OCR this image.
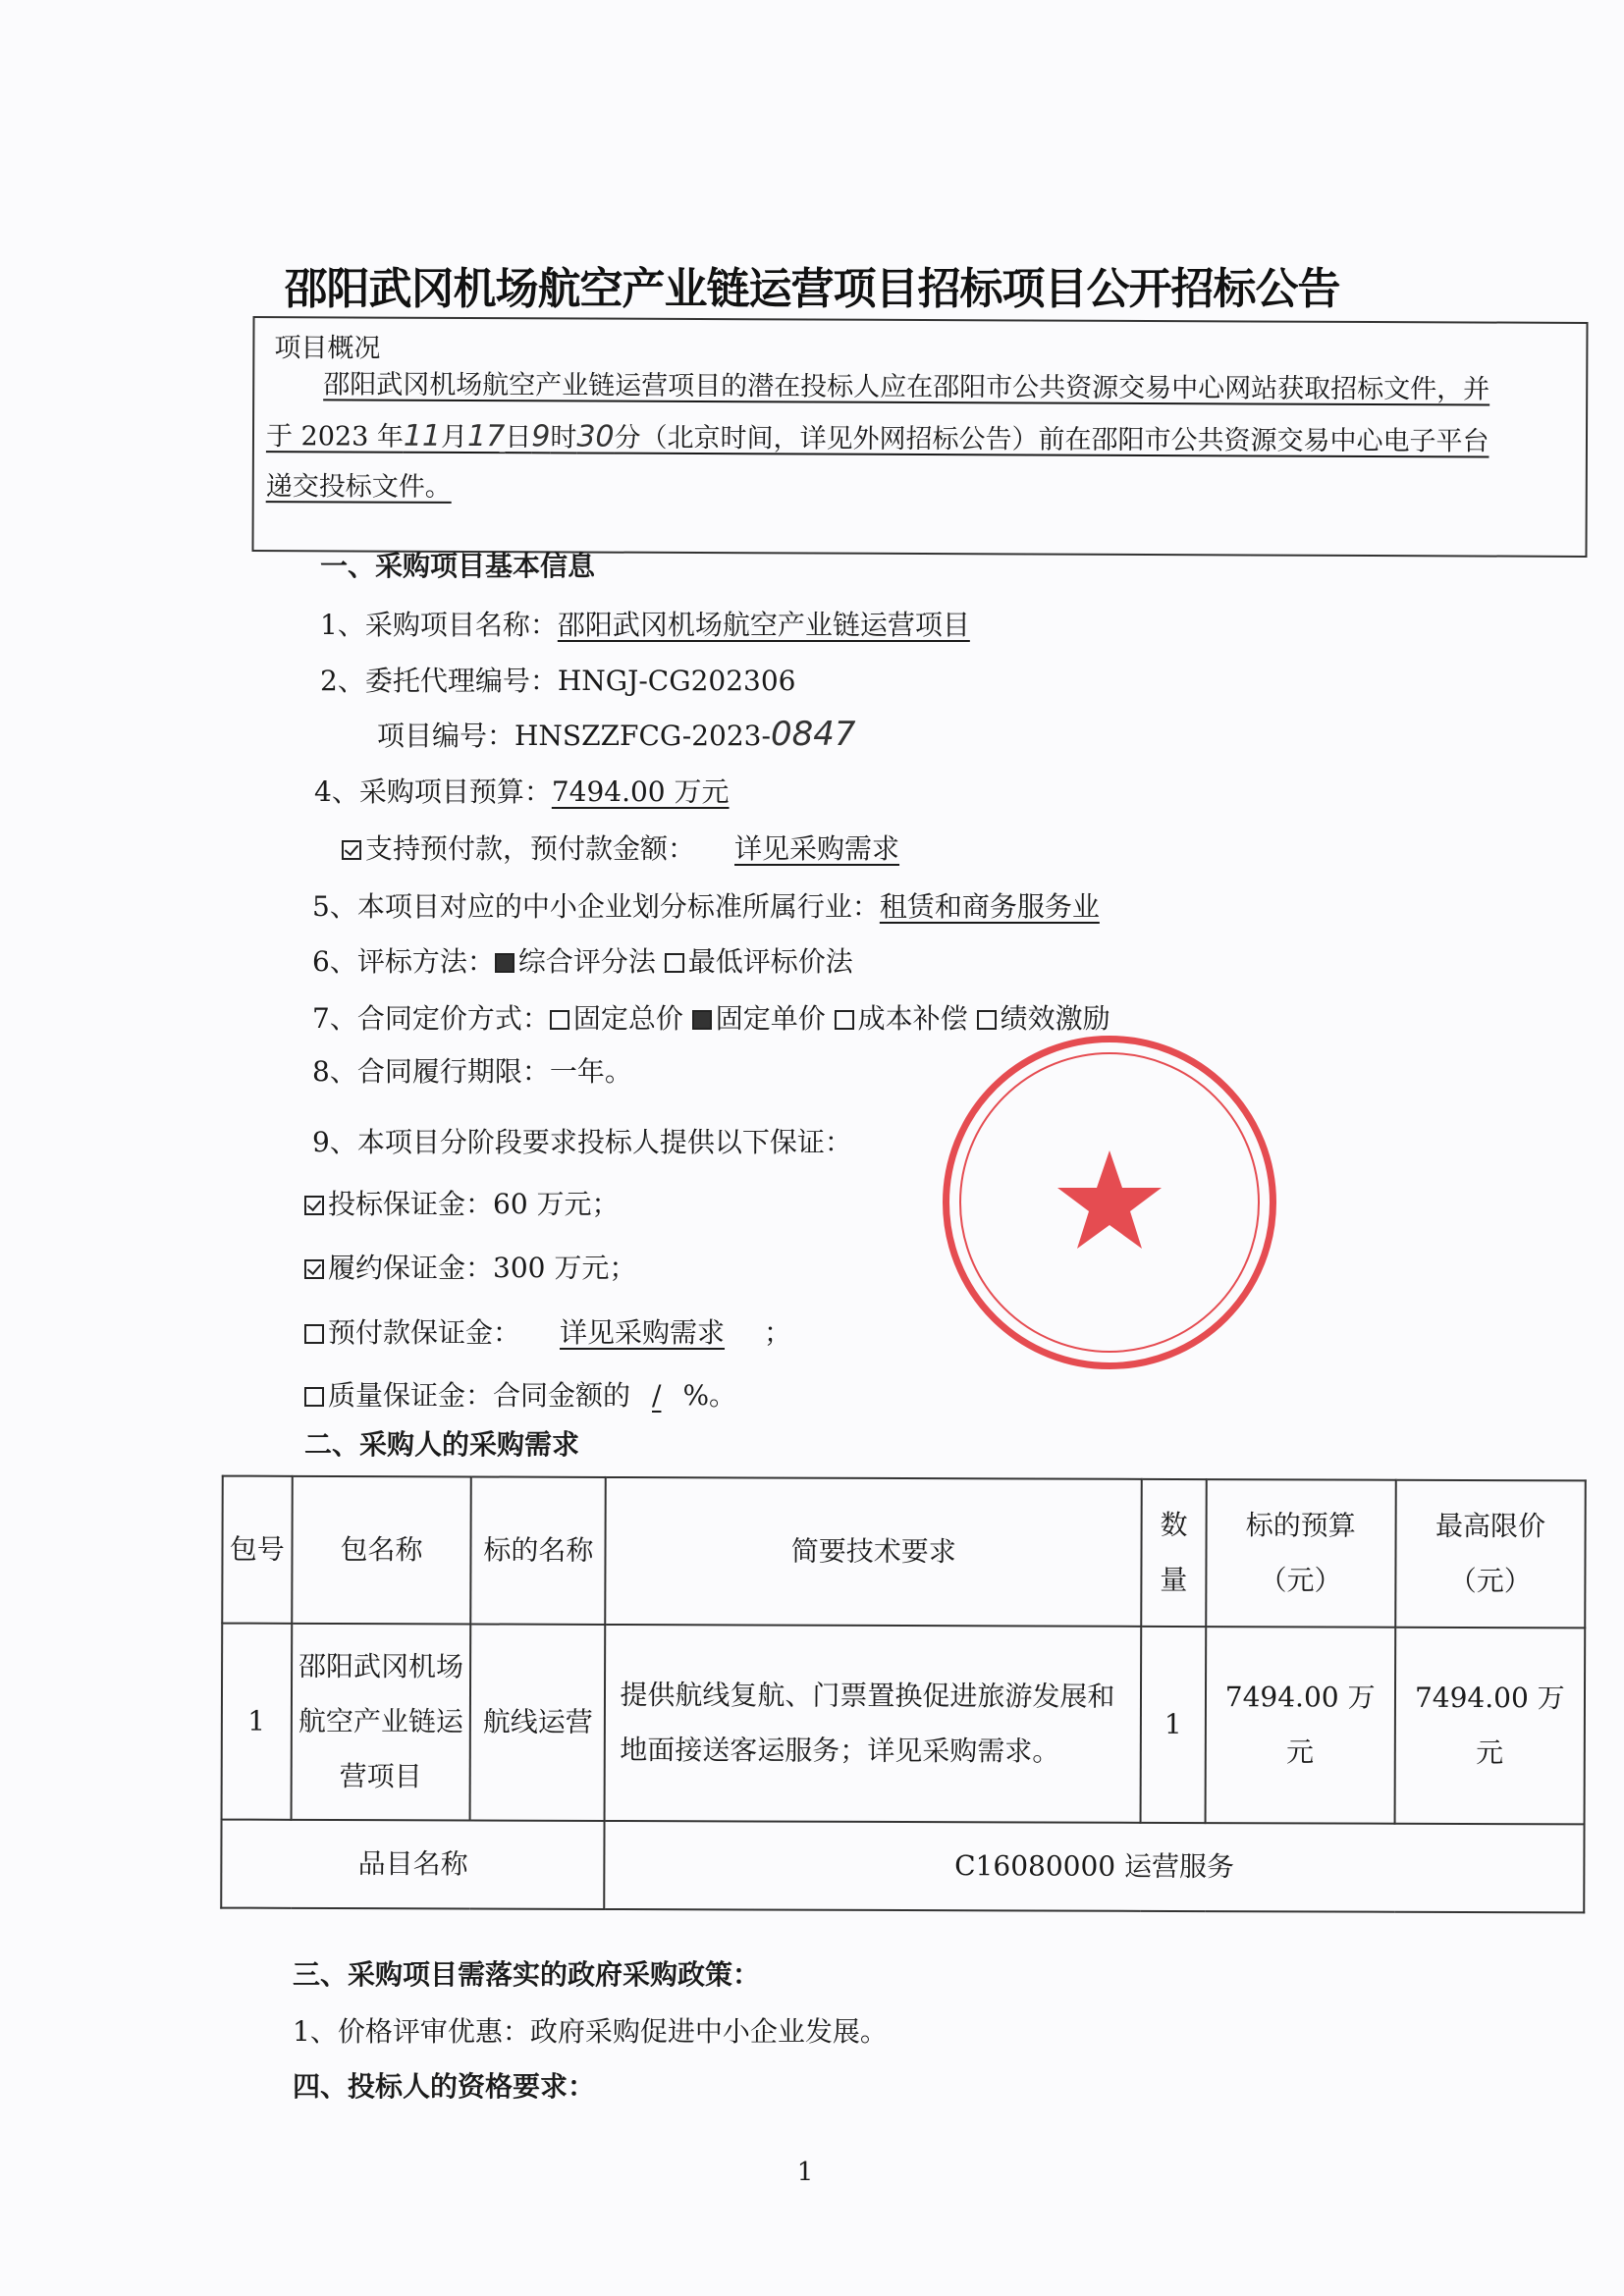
邵阳武冈机场航空产业链运营项目招标项目公开招标公告
项目概况
邵阳武冈机场航空产业链运营项目的潜在投标人应在邵阳市公共资源交易中心网站获取招标文件，并
于 2023 年11月17日9时30分（北京时间，详见外网招标公告）前在邵阳市公共资源交易中心电子平台
递交投标文件。
一、采购项目基本信息
1、采购项目名称：邵阳武冈机场航空产业链运营项目
2、委托代理编号：HNGJ-CG202306
项目编号：HNSZZFCG-2023-0847
4、采购项目预算：7494.00 万元
支持预付款，预付款金额： 详见采购需求
5、本项目对应的中小企业划分标准所属行业：租赁和商务服务业
6、评标方法： 综合评分法 最低评标价法
7、合同定价方式： 固定总价 固定单价 成本补偿 绩效激励
8、合同履行期限：一年。
9、本项目分阶段要求投标人提供以下保证：
投标保证金：60 万元；
履约保证金：300 万元；
预付款保证金： 详见采购需求 ；
质量保证金：合同金额的 / %。
二、采购人的采购需求
包号	包名称	标的名称	简要技术要求	数量	标的预算（元）	最高限价（元）
1	邵阳武冈机场航空产业链运营项目	航线运营	提供航线复航、门票置换促进旅游发展和地面接送客运服务；详见采购需求。	1	7494.00 万元	7494.00 万元
品目名称			C16080000 运营服务			
三、采购项目需落实的政府采购政策：
1、价格评审优惠：政府采购促进中小企业发展。
四、投标人的资格要求：
1
